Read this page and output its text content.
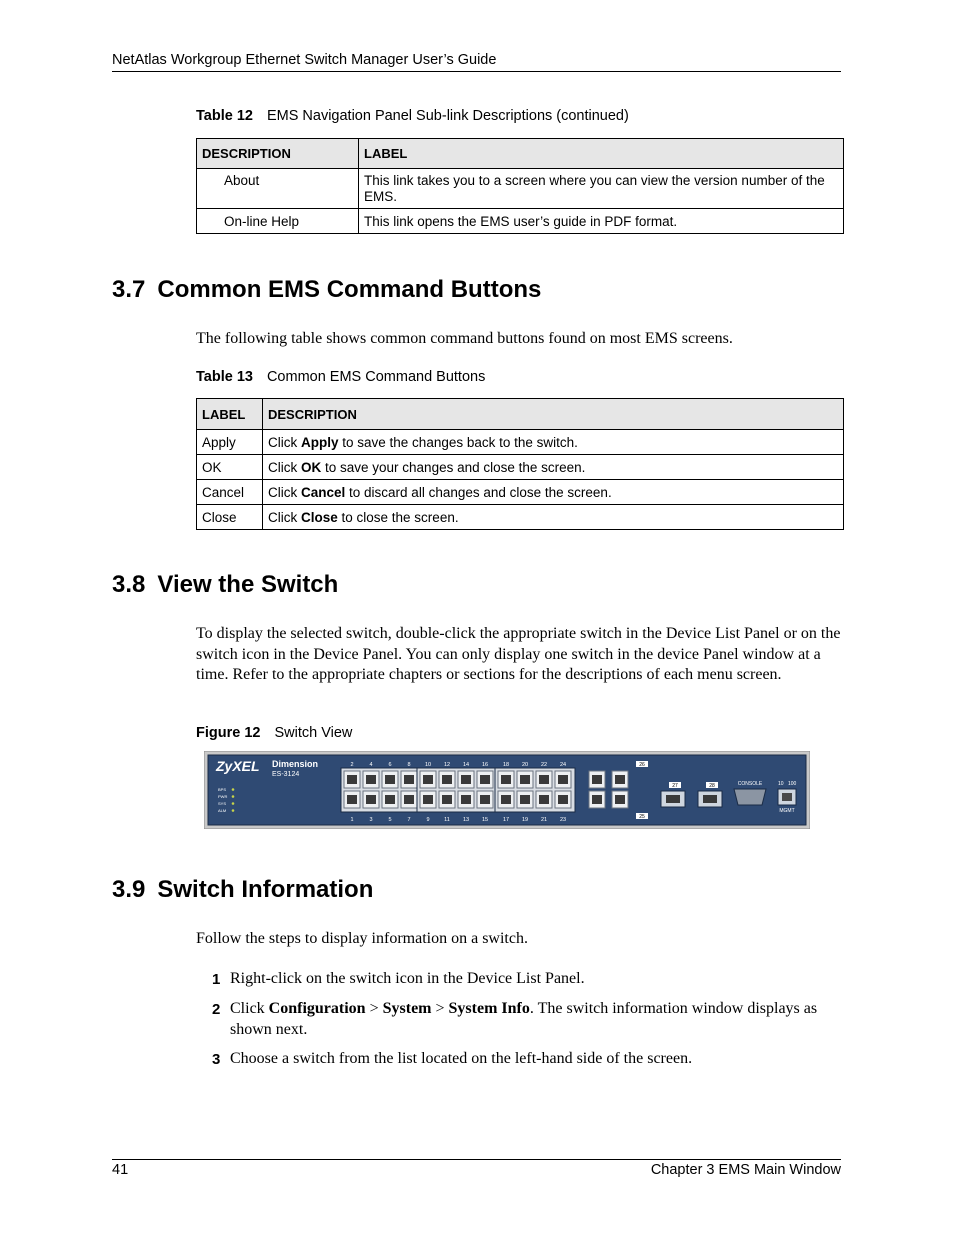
NetAtlas Workgroup Ethernet Switch Manager User’s Guide
Table 12 EMS Navigation Panel Sub-link Descriptions (continued)
DESCRIPTION	LABEL
About	This link takes you to a screen where you can view the version number of the EMS.
On-line Help	This link opens the EMS user’s guide in PDF format.
3.7 Common EMS Command Buttons

The following table shows common command buttons found on most EMS screens.

Table 13 Common EMS Command Buttons
LABEL	DESCRIPTION
Apply	Click Apply to save the changes back to the switch.
OK	Click OK to save your changes and close the screen.
Cancel	Click Cancel to discard all changes and close the screen.
Close	Click Close to close the screen.
3.8 View the Switch

To display the selected switch, double-click the appropriate switch in the Device List Panel or on the switch icon in the Device Panel. You can only display one switch in the device Panel window at a time. Refer to the appropriate chapters or sections for the descriptions of each menu screen.

Figure 12 Switch View
ZyXEL Dimension
ES-3124
BPS
PWR
SYS
ALM
2
1
4
3
6
5
8
7
10
9
12
11
14
13
16
15
18
17
20
19
22
21
24
23
26
25
27	28	CONSOLE	10 100
MGMT
3.9 Switch Information

Follow the steps to display information on a switch.

1 Right-click on the switch icon in the Device List Panel.
2 Click Configuration > System > System Info. The switch information window displays as shown next.
3 Choose a switch from the list located on the left-hand side of the screen.
41	Chapter 3 EMS Main Window
